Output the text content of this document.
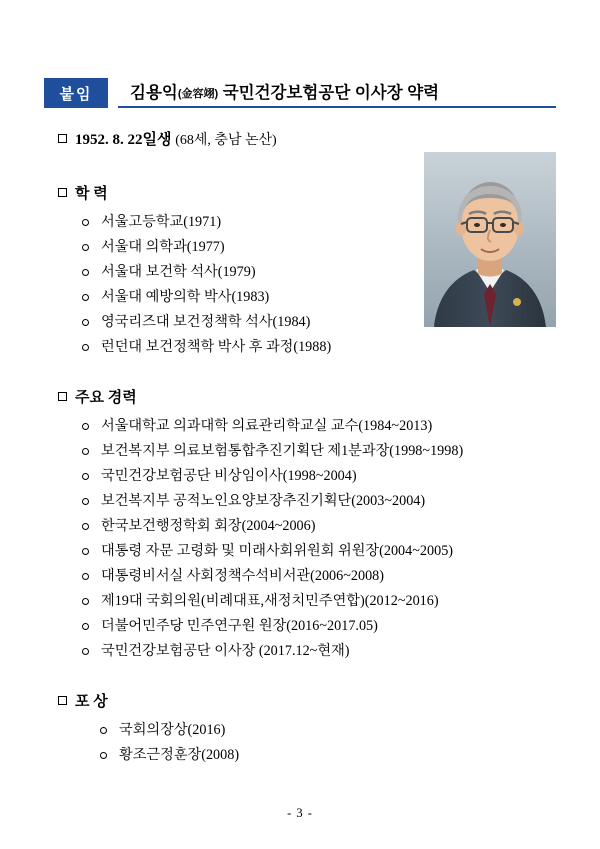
붙임	김용익(金容翊) 국민건강보험공단 이사장 약력

1952. 8. 22일생 (68세, 충남 논산)

학 력

서울고등학교(1971)
서울대 의학과(1977)
서울대 보건학 석사(1979)
서울대 예방의학 박사(1983)
영국리즈대 보건정책학 석사(1984)
런던대 보건정책학 박사 후 과정(1988)

주요 경력

서울대학교 의과대학 의료관리학교실 교수(1984~2013)
보건복지부 의료보험통합추진기획단 제1분과장(1998~1998)
국민건강보험공단 비상임이사(1998~2004)
보건복지부 공적노인요양보장추진기획단(2003~2004)
한국보건행정학회 회장(2004~2006)
대통령 자문 고령화 및 미래사회위원회 위원장(2004~2005)
대통령비서실 사회정책수석비서관(2006~2008)
제19대 국회의원(비례대표,새정치민주연합)(2012~2016)
더불어민주당 민주연구원 원장(2016~2017.05)
국민건강보험공단 이사장 (2017.12~현재)

포 상

국회의장상(2016)
황조근정훈장(2008)
- 3 -
